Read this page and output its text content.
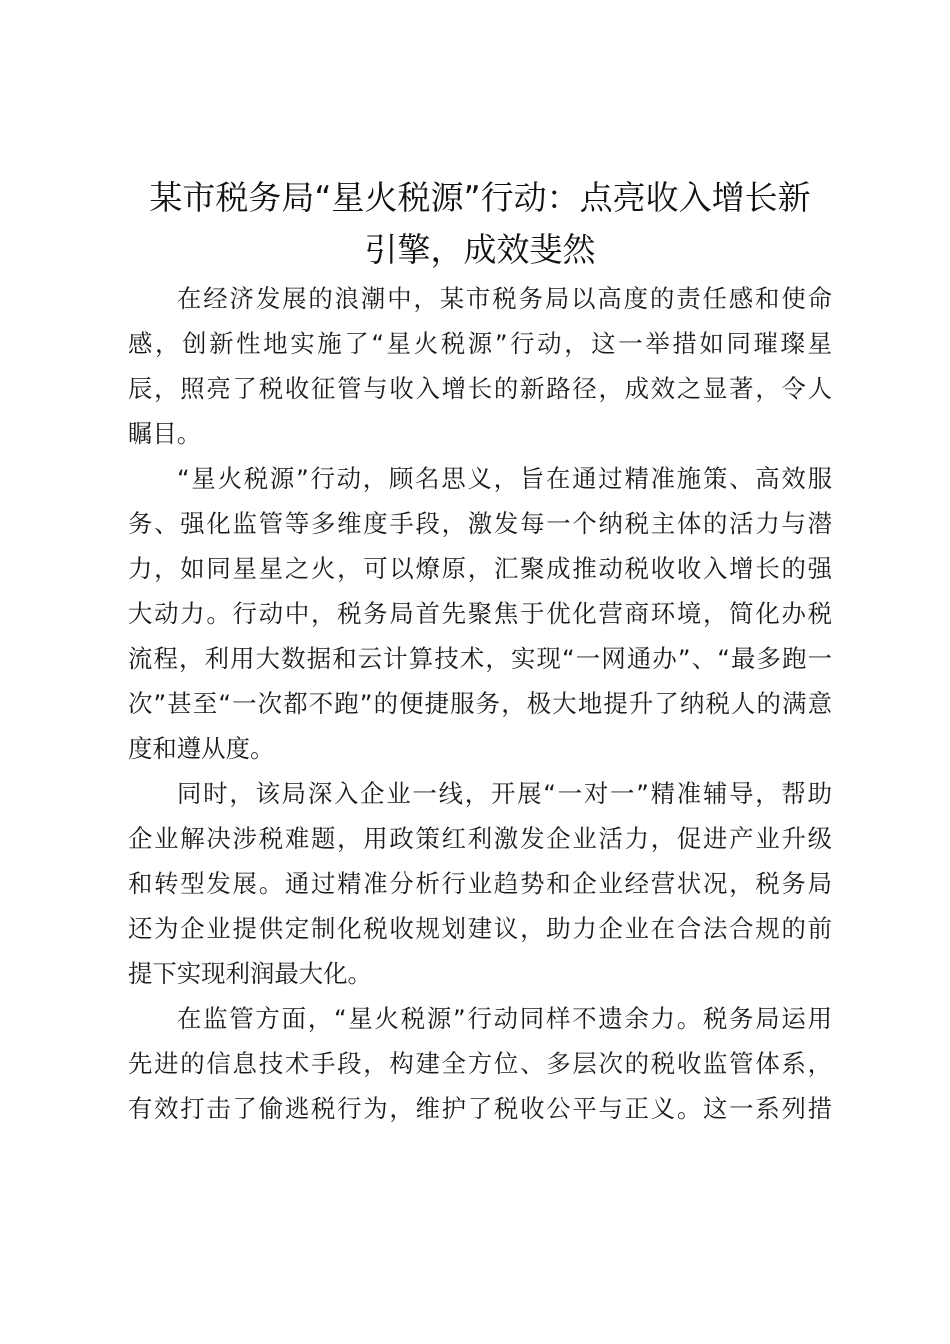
某市税务局“星火税源”行动：点亮收入增长新
引擎，成效斐然

在经济发展的浪潮中，某市税务局以高度的责任感和使命
感，创新性地实施了“星火税源”行动，这一举措如同璀璨星
辰，照亮了税收征管与收入增长的新路径，成效之显著，令人
瞩目。

“星火税源”行动，顾名思义，旨在通过精准施策、高效服
务、强化监管等多维度手段，激发每一个纳税主体的活力与潜
力，如同星星之火，可以燎原，汇聚成推动税收收入增长的强
大动力。行动中，税务局首先聚焦于优化营商环境，简化办税
流程，利用大数据和云计算技术，实现“一网通办”、“最多跑一
次”甚至“一次都不跑”的便捷服务，极大地提升了纳税人的满意
度和遵从度。

同时，该局深入企业一线，开展“一对一”精准辅导，帮助
企业解决涉税难题，用政策红利激发企业活力，促进产业升级
和转型发展。通过精准分析行业趋势和企业经营状况，税务局
还为企业提供定制化税收规划建议，助力企业在合法合规的前
提下实现利润最大化。

在监管方面，“星火税源”行动同样不遗余力。税务局运用
先进的信息技术手段，构建全方位、多层次的税收监管体系，
有效打击了偷逃税行为，维护了税收公平与正义。这一系列措
